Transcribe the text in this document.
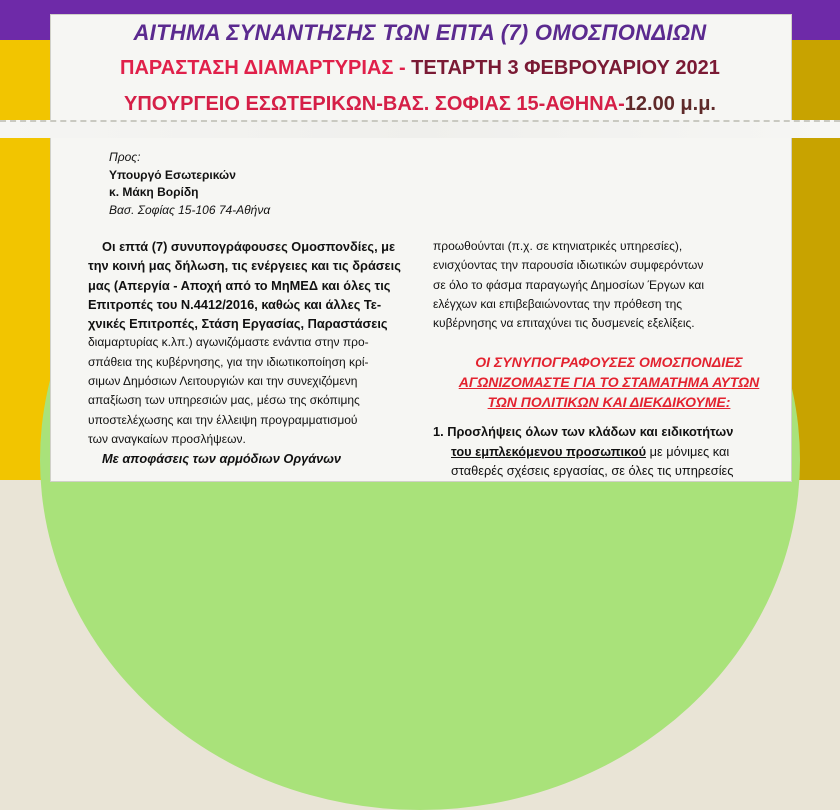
ΑΙΤΗΜΑ ΣΥΝΑΝΤΗΣΗΣ ΤΩΝ ΕΠΤΑ (7) ΟΜΟΣΠΟΝΔΙΩΝ
ΠΑΡΑΣΤΑΣΗ ΔΙΑΜΑΡΤΥΡΙΑΣ - ΤΕΤΑΡΤΗ 3 ΦΕΒΡΟΥΑΡΙΟΥ 2021
ΥΠΟΥΡΓΕΙΟ ΕΣΩΤΕΡΙΚΩΝ-ΒΑΣ. ΣΟΦΙΑΣ 15-ΑΘΗΝΑ-12.00 μ.μ.
Προς:
Υπουργό Εσωτερικών
κ. Μάκη Βορίδη
Βασ. Σοφίας 15-106 74-Αθήνα
Οι επτά (7) συνυπογράφουσες Ομοσπονδίες, με
την κοινή μας δήλωση, τις ενέργειες και τις δράσεις
μας (Απεργία - Αποχή από το ΜηΜΕΔ και όλες τις
Επιτροπές του Ν.4412/2016, καθώς και άλλες Τε-
χνικές Επιτροπές, Στάση Εργασίας, Παραστάσεις
διαμαρτυρίας κ.λπ.) αγωνιζόμαστε ενάντια στην προ-
σπάθεια της κυβέρνησης, για την ιδιωτικοποίηση κρί-
σιμων Δημόσιων Λειτουργιών και την συνεχιζόμενη
απαξίωση των υπηρεσιών μας, μέσω της σκόπιμης
υποστελέχωσης και την έλλειψη προγραμματισμού
των αναγκαίων προσλήψεων.
Με αποφάσεις των αρμόδιων Οργάνων
προωθούνται (π.χ. σε κτηνιατρικές υπηρεσίες),
ενισχύοντας την παρουσία ιδιωτικών συμφερόντων
σε όλο το φάσμα παραγωγής Δημοσίων Έργων και
ελέγχων και επιβεβαιώνοντας την πρόθεση της
κυβέρνησης να επιταχύνει τις δυσμενείς εξελίξεις.
ΟΙ ΣΥΝΥΠΟΓΡΑΦΟΥΣΕΣ ΟΜΟΣΠΟΝΔΙΕΣ
ΑΓΩΝΙΖΟΜΑΣΤΕ ΓΙΑ ΤΟ ΣΤΑΜΑΤΗΜΑ ΑΥΤΩΝ
ΤΩΝ ΠΟΛΙΤΙΚΩΝ ΚΑΙ ΔΙΕΚΔΙΚΟΥΜΕ:
1. Προσλήψεις όλων των κλάδων και ειδικοτήτων
του εμπλεκόμενου προσωπικού με μόνιμες και
σταθερές σχέσεις εργασίας, σε όλες τις υπηρεσίες
